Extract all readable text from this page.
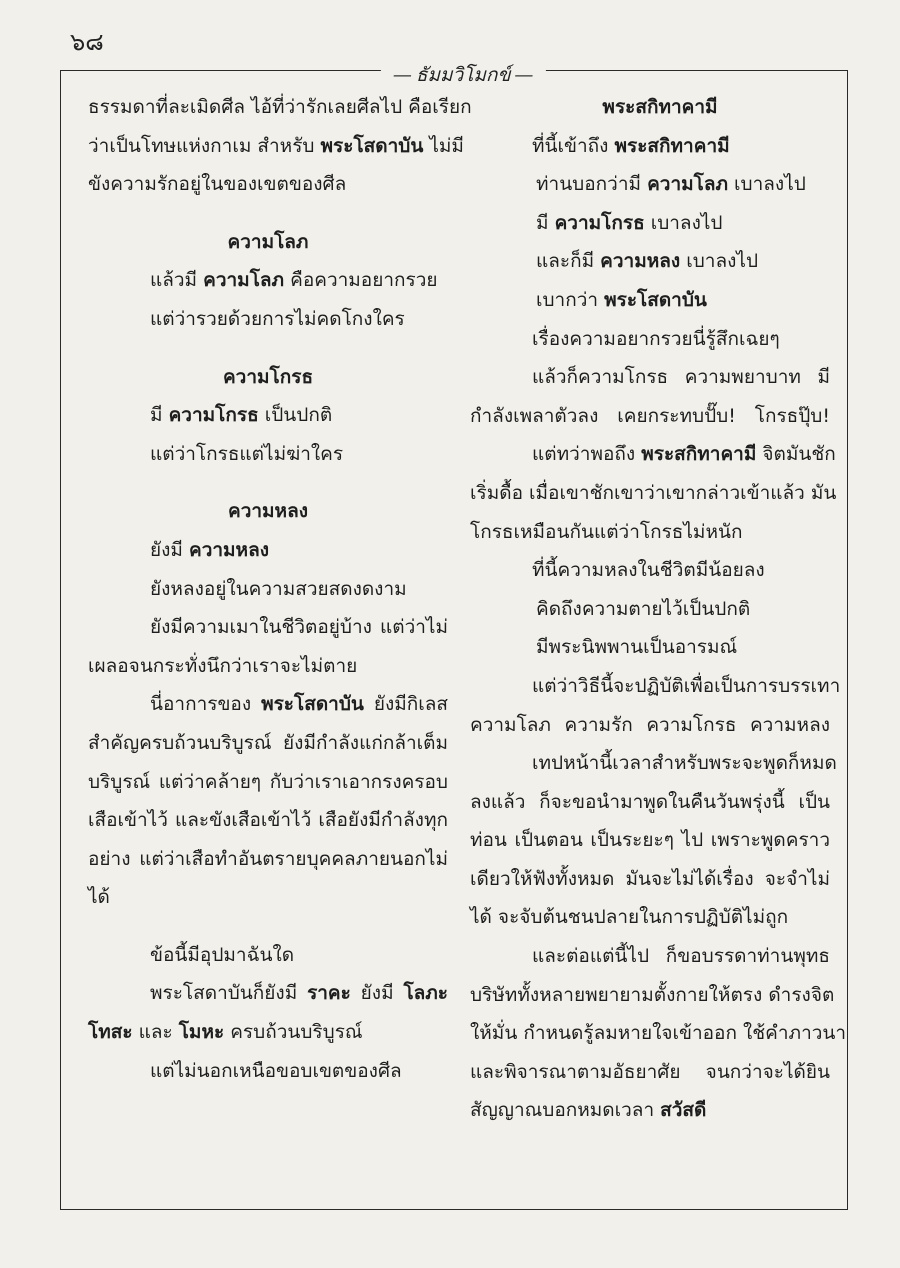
๖๘
— ธัมมวิโมกข์ —

ธรรมดาที่ละเมิดศีล ไอ้ที่ว่ารักเลยศีลไป คือเรียก

ว่าเป็นโทษแห่งกาเม สำหรับ พระโสดาบัน ไม่มี

ขังความรักอยู่ในของเขตของศีล

ความโลภ

แล้วมี ความโลภ คือความอยากรวย

แต่ว่ารวยด้วยการไม่คดโกงใคร

ความโกรธ

มี ความโกรธ เป็นปกติ

แต่ว่าโกรธแต่ไม่ฆ่าใคร

ความหลง

ยังมี ความหลง

ยังหลงอยู่ในความสวยสดงดงาม

ยังมีความเมาในชีวิตอยู่บ้าง แต่ว่าไม่

เผลอจนกระทั่งนึกว่าเราจะไม่ตาย

นี่อาการของ พระโสดาบัน ยังมีกิเลส

สำคัญครบถ้วนบริบูรณ์ ยังมีกำลังแก่กล้าเต็ม

บริบูรณ์ แต่ว่าคล้ายๆ กับว่าเราเอากรงครอบ

เสือเข้าไว้ และขังเสือเข้าไว้ เสือยังมีกำลังทุก

อย่าง แต่ว่าเสือทำอันตรายบุคคลภายนอกไม่

ได้

ข้อนี้มีอุปมาฉันใด

พระโสดาบันก็ยังมี ราคะ ยังมี โลภะ

โทสะ และ โมหะ ครบถ้วนบริบูรณ์

แต่ไม่นอกเหนือขอบเขตของศีล

พระสกิทาคามี

ที่นี้เข้าถึง พระสกิทาคามี

ท่านบอกว่ามี ความโลภ เบาลงไป

มี ความโกรธ เบาลงไป

และก็มี ความหลง เบาลงไป

เบากว่า พระโสดาบัน

เรื่องความอยากรวยนี่รู้สึกเฉยๆ

แล้วก็ความโกรธ ความพยาบาท มี

กำลังเพลาตัวลง เคยกระทบปั๊บ! โกรธปุ๊บ!

แต่ทว่าพอถึง พระสกิทาคามี จิตมันชัก

เริ่มดื้อ เมื่อเขาชักเขาว่าเขากล่าวเข้าแล้ว มัน

โกรธเหมือนกันแต่ว่าโกรธไม่หนัก

ที่นี้ความหลงในชีวิตมีน้อยลง

คิดถึงความตายไว้เป็นปกติ

มีพระนิพพานเป็นอารมณ์

แต่ว่าวิธีนี้จะปฏิบัติเพื่อเป็นการบรรเทา

ความโลภ ความรัก ความโกรธ ความหลง

เทปหน้านี้เวลาสำหรับพระจะพูดก็หมด

ลงแล้ว ก็จะขอนำมาพูดในคืนวันพรุ่งนี้ เป็น

ท่อน เป็นตอน เป็นระยะๆ ไป เพราะพูดคราว

เดียวให้ฟังทั้งหมด มันจะไม่ได้เรื่อง จะจำไม่

ได้ จะจับต้นชนปลายในการปฏิบัติไม่ถูก

และต่อแต่นี้ไป ก็ขอบรรดาท่านพุทธ

บริษัททั้งหลายพยายามตั้งกายให้ตรง ดำรงจิต

ให้มั่น กำหนดรู้ลมหายใจเข้าออก ใช้คำภาวนา

และพิจารณาตามอัธยาศัย จนกว่าจะได้ยิน

สัญญาณบอกหมดเวลา สวัสดี
